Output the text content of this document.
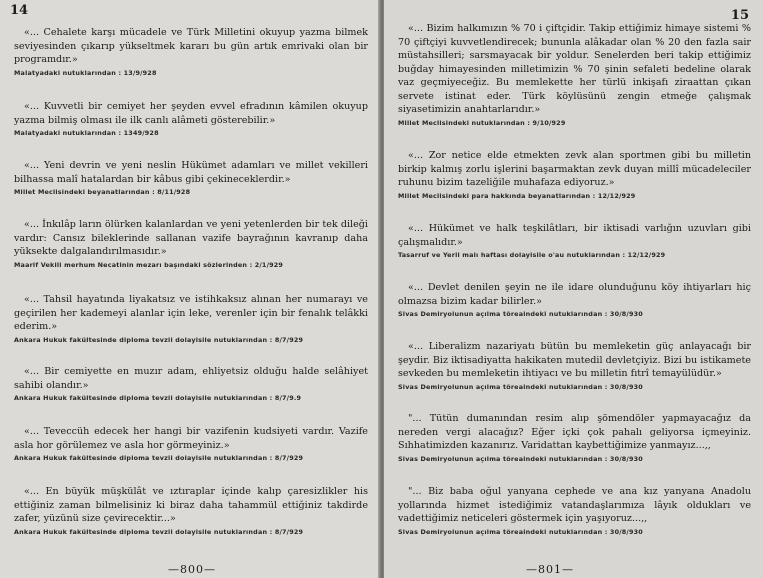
14

«... Cehalete karşı mücadele ve Türk Milletini okuyup yazma bilmek seviyesinden çıkarıp yükseltmek kararı bu gün artık emrivaki olan bir programdır.»

Malatyadaki nutuklarından : 13/9/928

«... Kuvvetli bir cemiyet her şeyden evvel efradının kâmilen okuyup yazma bilmiş olması ile ilk canlı alâmeti gösterebilir.»

Malatyadaki nutuklarından : 1349/928

«... Yeni devrin ve yeni neslin Hükümet adamları ve millet vekilleri bilhassa malî hatalardan bir kâbus gibi çekineceklerdir.»

Millet Meclisindeki beyanatlarından : 8/11/928

«... İnkılâp ların ölürken kalanlardan ve yeni yetenlerden bir tek dileği vardır: Cansız bileklerinde sallanan vazife bayrağının kavranıp daha yüksekte dalgalandırılmasıdır.»

Maarif Vekili merhum Necatinin mezarı başındaki sözlerinden : 2/1/929

«... Tahsil hayatında liyakatsız ve istihkaksız alınan her numarayı ve geçirilen her kademeyi alanlar için leke, verenler için bir fenalık telâkki ederim.»

Ankara Hukuk fakültesinde diploma tevzii dolayisile nutuklarından : 8/7/929

«... Bir cemiyette en muzır adam, ehliyetsiz olduğu halde selâhiyet sahibi olandır.»

Ankara Hukuk fakültesinde diploma tevzii dolayisile nutuklarından : 8/7/9.9

«... Teveccüh edecek her hangi bir vazifenin kudsiyeti vardır. Vazife asla hor görülemez ve asla hor görmeyiniz.»

Ankara Hukuk fakültesinde diploma tevzii dolayisile nutuklarından : 8/7/929

«... En büyük müşkülât ve ıztıraplar içinde kalıp çaresizlikler his ettiğiniz zaman bilmelisiniz ki biraz daha tahammül ettiğiniz takdirde zafer, yüzünü size çevirecektir...»

Ankara Hukuk fakültesinde diploma tevzii dolayisile nutuklarından : 8/7/929

—800—
15

«... Bizim halkımızın % 70 i çiftçidir. Takip ettiğimiz himaye sistemi % 70 çiftçiyi kuvvetlendirecek; bununla alâkadar olan % 20 den fazla sair müstahsilleri; sarsmayacak bir yoldur. Senelerden beri takip ettiğimiz buğday himayesinden milletimizin % 70 şinin sefaleti bedeline olarak vaz geçmiyeceğiz. Bu memlekette her türlü inkişafı ziraattan çıkan servete istinat eder. Türk köylüsünü zengin etmeğe çalışmak siyasetimizin anahtarlarıdır.»

Millet Meclisindeki nutuklarından : 9/10/929

«... Zor netice elde etmekten zevk alan sportmen gibi bu milletin birkip kalmış zorlu işlerini başarmaktan zevk duyan millî mücadeleciler ruhunu bizim tazeliğile muhafaza ediyoruz.»

Millet Meclisindeki para hakkında beyanatlarından : 12/12/929

«... Hükümet ve halk teşkilâtları, bir iktisadi varlığın uzuvları gibi çalışmalıdır.»

Tasarruf ve Yerli malı haftası dolayisile o'au nutuklarından : 12/12/929

«... Devlet denilen şeyin ne ile idare olunduğunu köy ihtiyarları hiç olmazsa bizim kadar bilirler.»

Sivas Demiryolunun açılma töreaindeki nutuklarından : 30/8/930

«... Liberalizm nazariyatı bütün bu memleketin güç anlayacağı bir şeydir. Biz iktisadiyatta hakikaten mutedil devletçiyiz. Bizi bu istikamete sevkeden bu memleketin ihtiyacı ve bu milletin fıtrî temayülüdür.»

Sivas Demiryolunun açılma töreaindeki nutuklarından : 30/8/930

"... Tütün dumanından resim alıp şömendöler yapmayacağız da nereden vergi alacağız? Eğer içki çok pahalı geliyorsa içmeyiniz. Sıhhatimizden kazanırız. Varidattan kaybettiğimize yanmayız...,,

Sivas Demiryolunun açılma töreaindeki nutuklarından : 30/8/930

"... Biz baba oğul yanyana cephede ve ana kız yanyana Anadolu yollarında hizmet istediğimiz vatandaşlarımıza lâyık oldukları ve vadettiğimiz neticeleri göstermek için yaşıyoruz...,,

Sivas Demiryolunun açılma töreaindeki nutuklarından : 30/8/930

—801—
